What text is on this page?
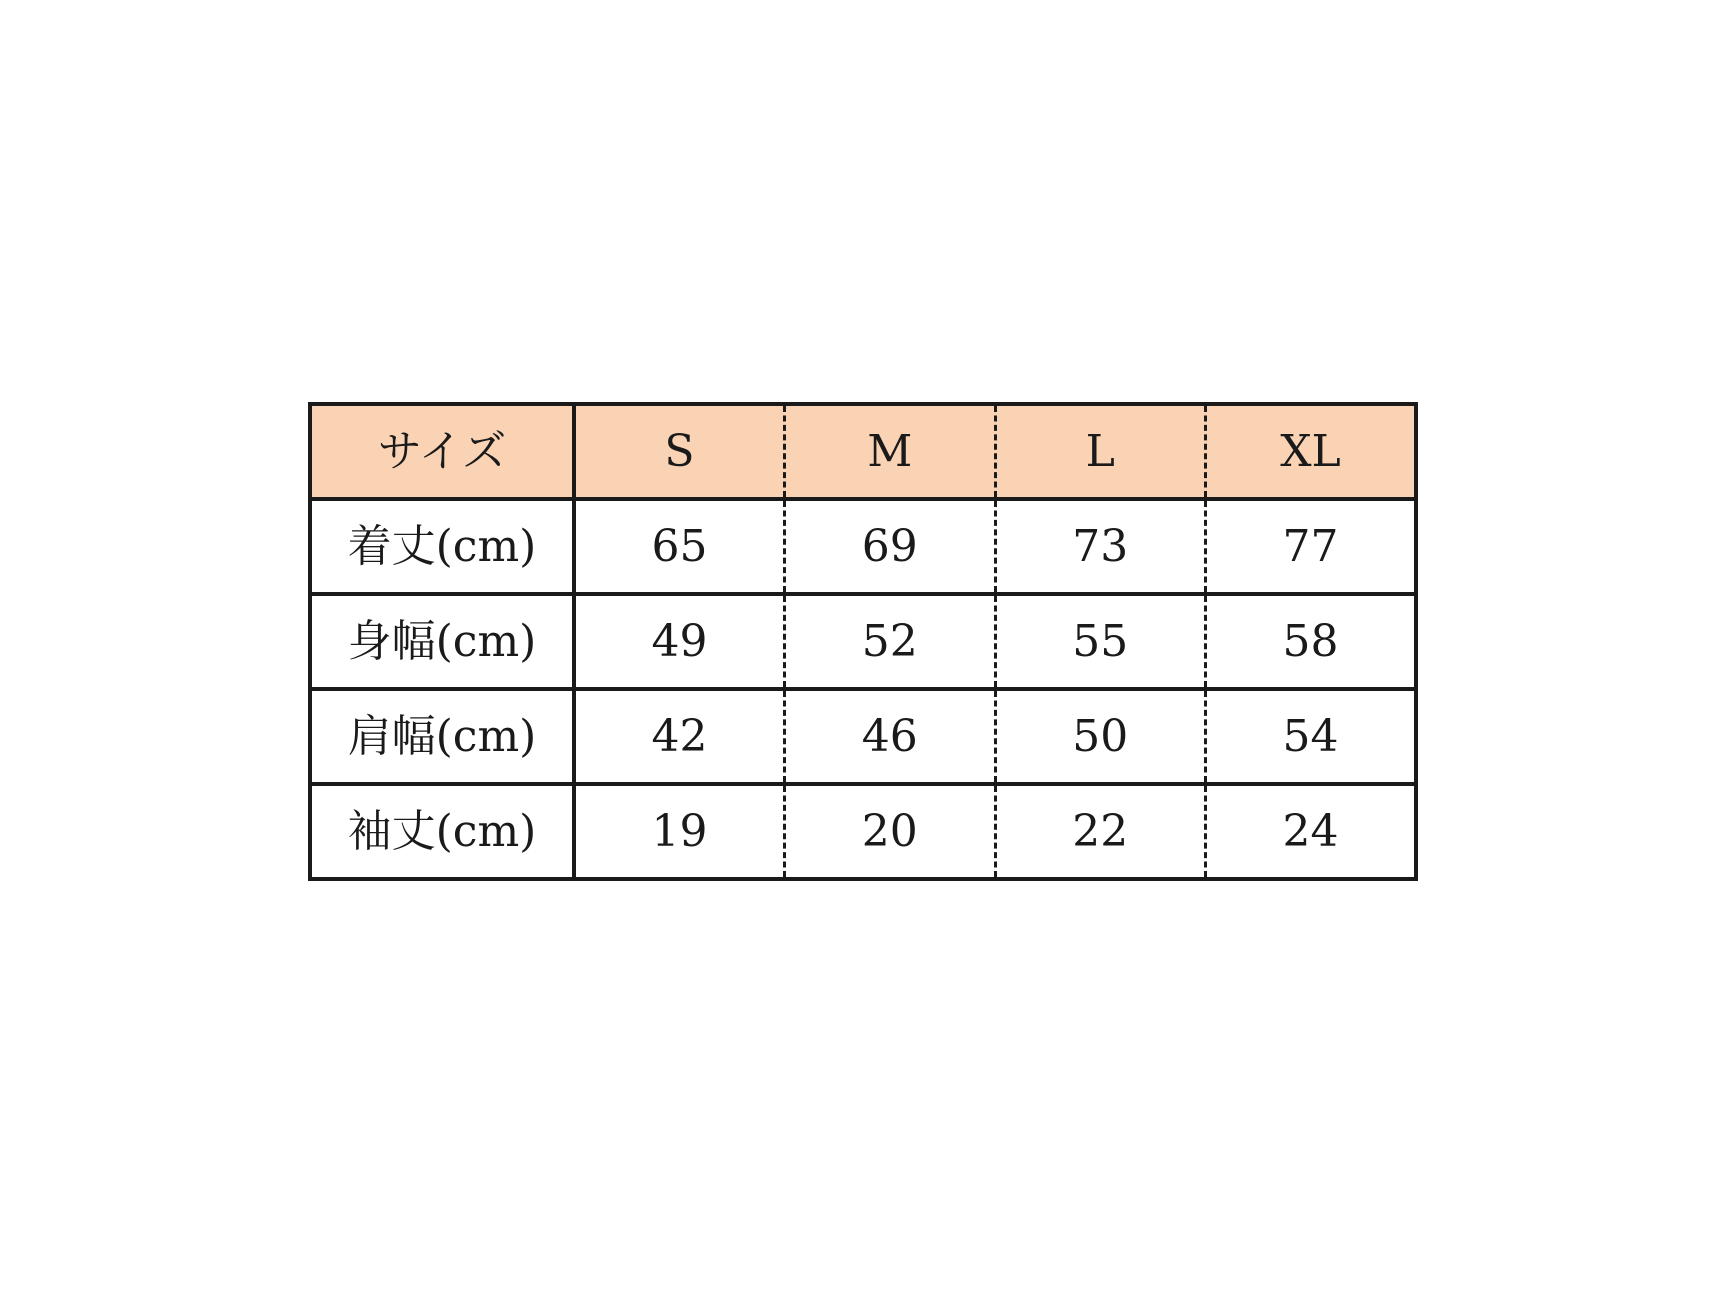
サイズ	S	M	L	XL
着丈(cm)	65	69	73	77
身幅(cm)	49	52	55	58
肩幅(cm)	42	46	50	54
袖丈(cm)	19	20	22	24
